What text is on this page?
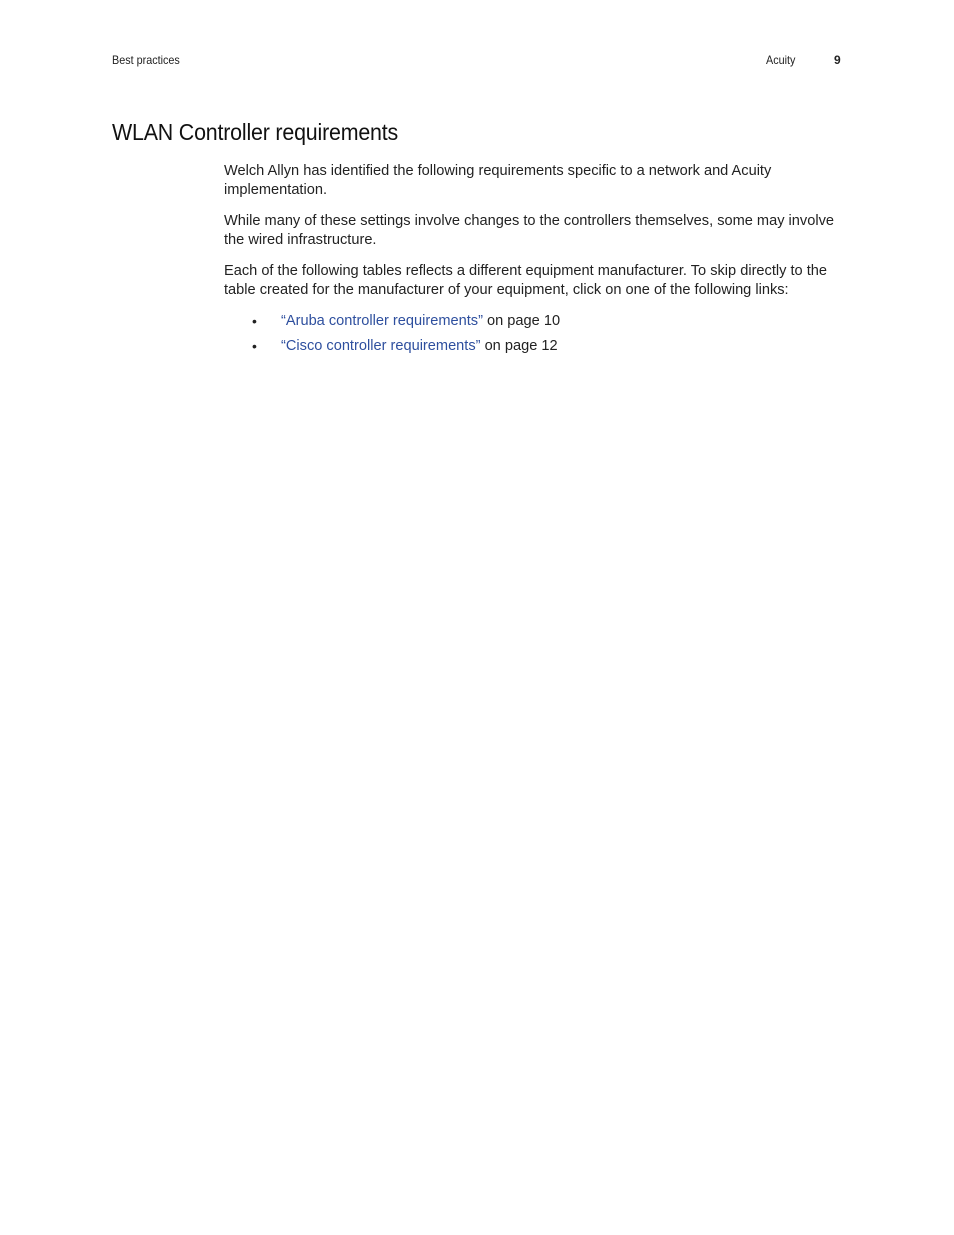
Best practices	Acuity	9
WLAN Controller requirements

Welch Allyn has identified the following requirements specific to a network and Acuity implementation.

While many of these settings involve changes to the controllers themselves, some may involve the wired infrastructure.

Each of the following tables reflects a different equipment manufacturer. To skip directly to the table created for the manufacturer of your equipment, click on one of the following links:

• “Aruba controller requirements” on page 10
• “Cisco controller requirements” on page 12
